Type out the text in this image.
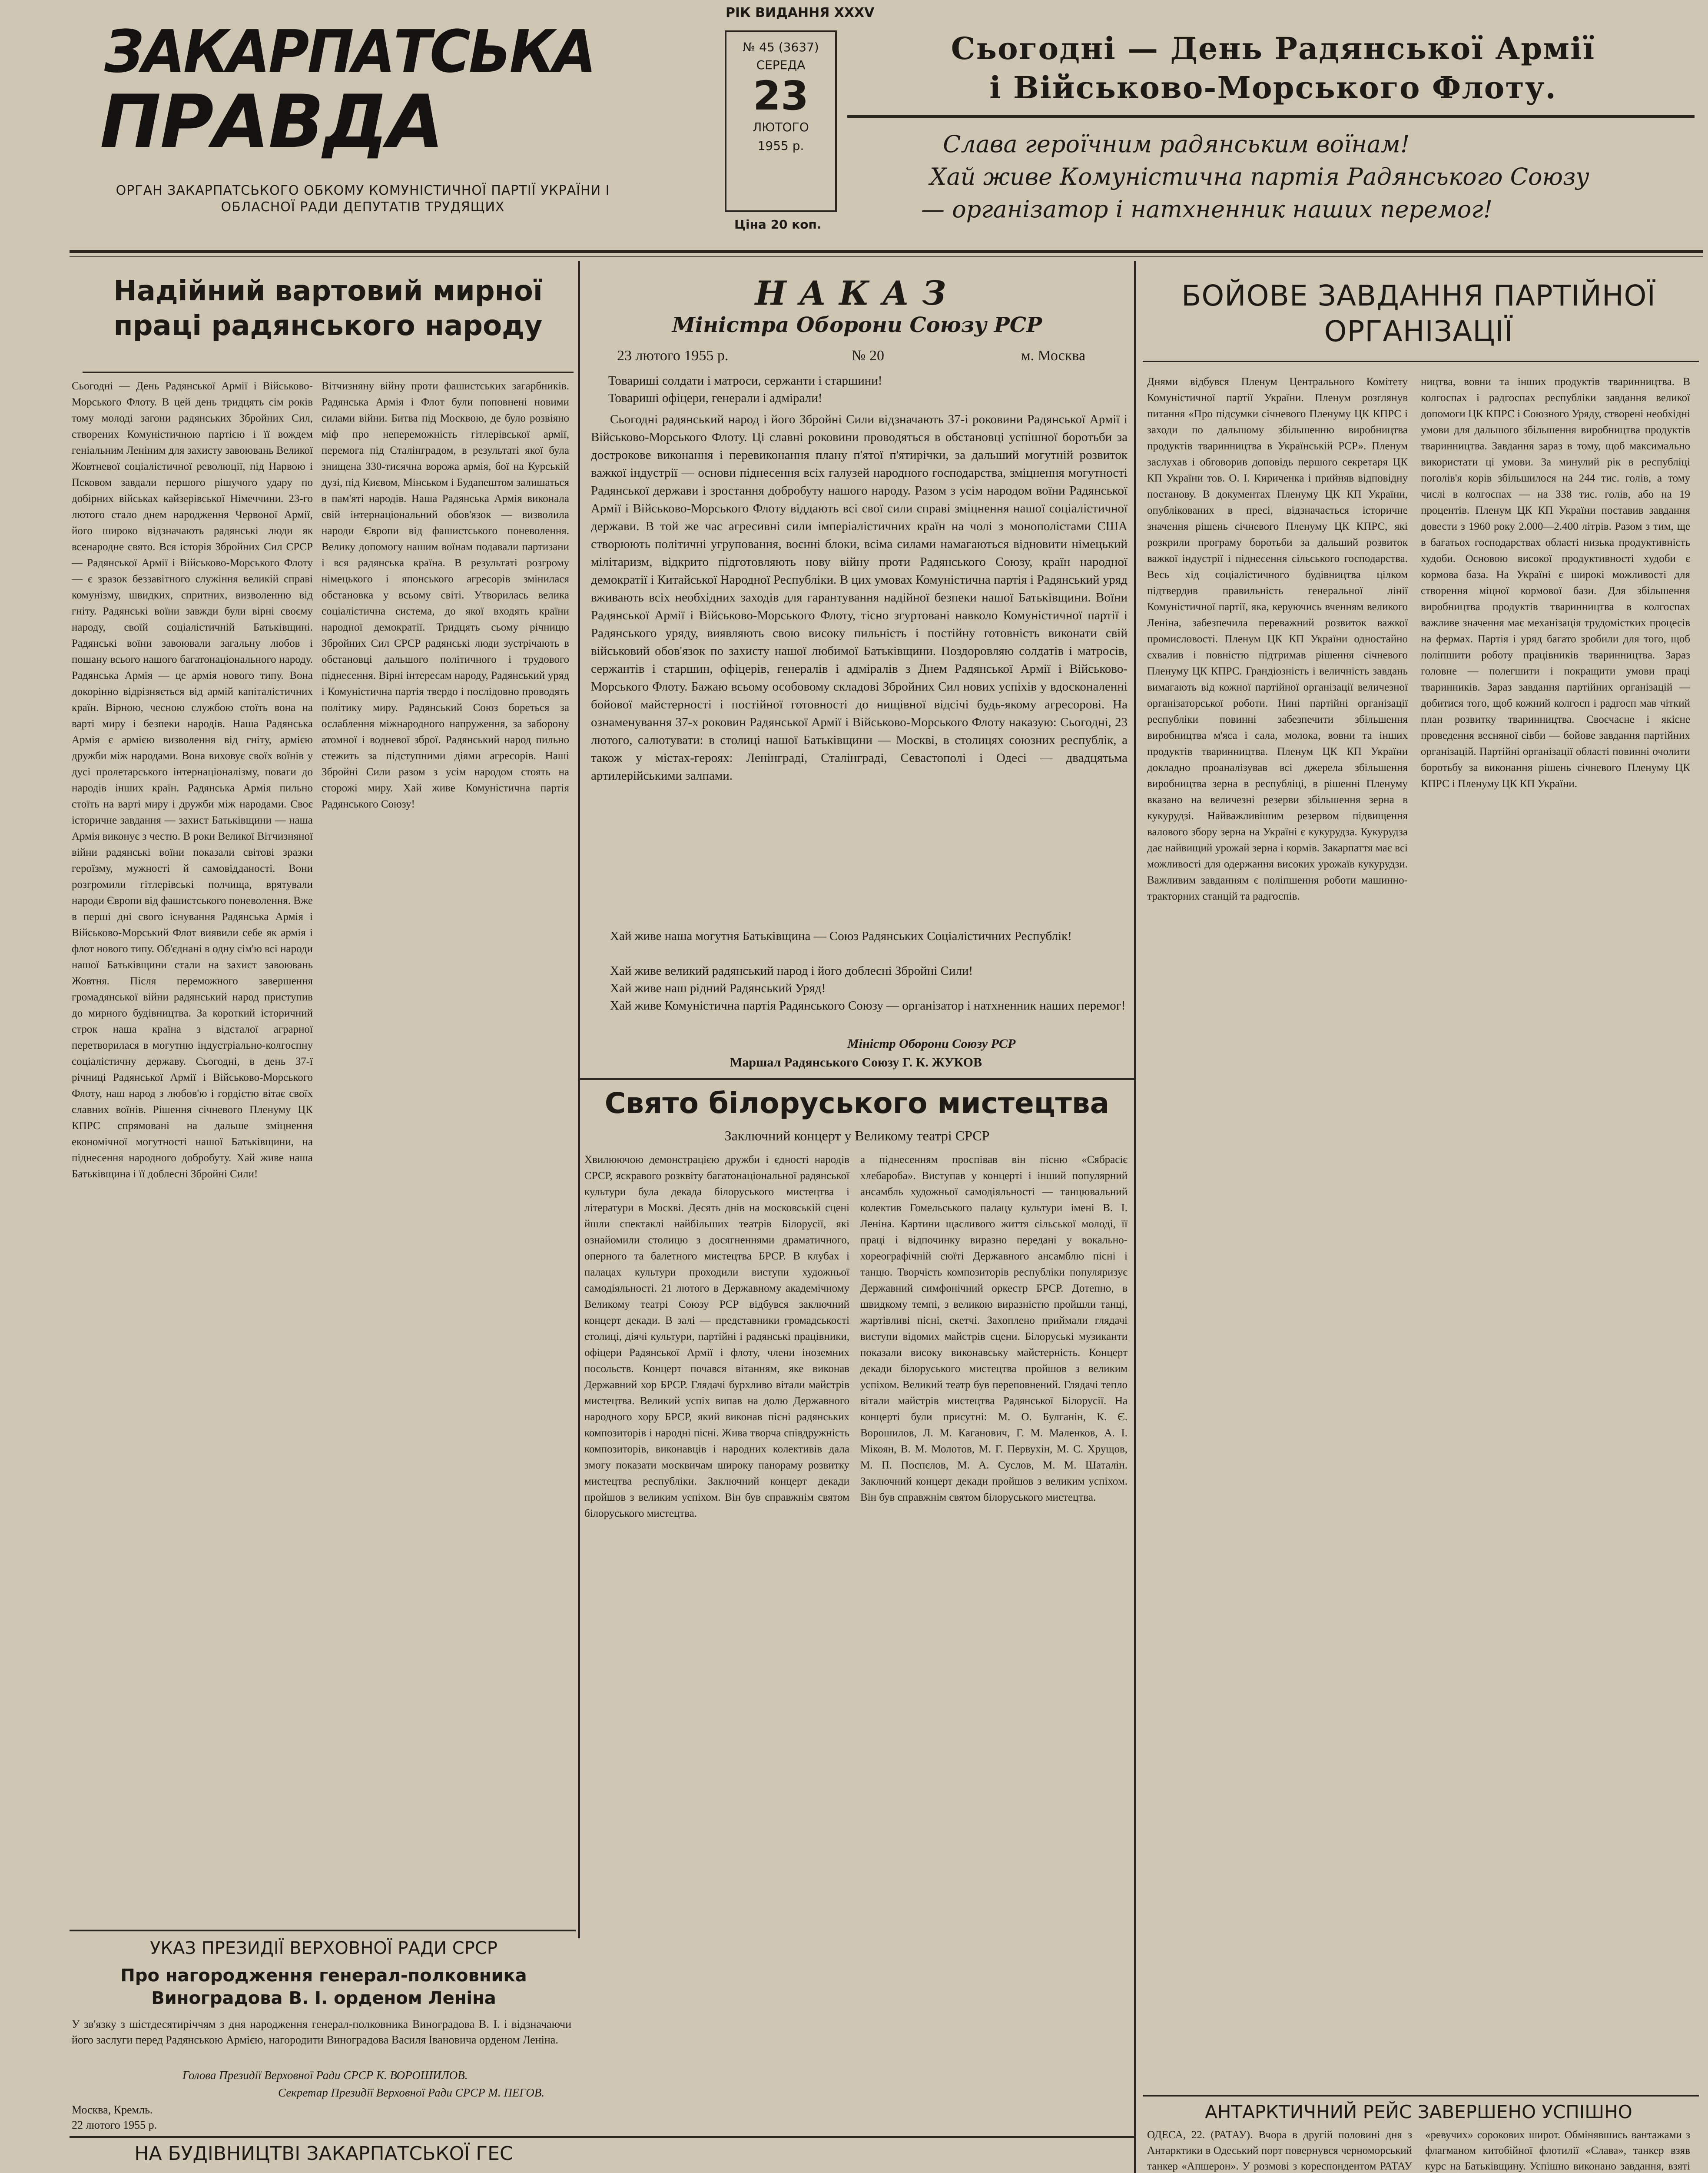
РІК ВИДАННЯ XXXV
ЗАКАРПАТСЬКА
ПРАВДА
ОРГАН ЗАКАРПАТСЬКОГО ОБКОМУ КОМУНІСТИЧНОЇ ПАРТІЇ УКРАЇНИ І ОБЛАСНОЇ РАДИ ДЕПУТАТІВ ТРУДЯЩИХ
№ 45 (3637)
СЕРЕДА
23
ЛЮТОГО
1955 р.
Ціна 20 коп.
Сьогодні — День Радянської Армії
і Військово-Морського Флоту.
Слава героїчним радянським воїнам!
Хай живе Комуністична партія Радянського Союзу
— організатор і натхненник наших перемог!
Надійний вартовий мирної праці радянського народу
Сьогодні — День Радянської Армії і Військово-Морського Флоту. В цей день тридцять сім років тому молоді загони радянських Збройних Сил, створених Комуністичною партією і її вождем геніальним Леніним для захисту завоювань Великої Жовтневої соціалістичної революції, під Нарвою і Псковом завдали першого рішучого удару по добірних військах кайзерівської Німеччини. 23-го лютого стало днем народження Червоної Армії, його широко відзначають радянські люди як всенародне свято. Вся історія Збройних Сил СРСР — Радянської Армії і Військово-Морського Флоту — є зразок беззавітного служіння великій справі комунізму, швидких, спритних, визволенню від гніту. Радянські воїни завжди були вірні своєму народу, своїй соціалістичній Батьківщині. Радянські воїни завоювали загальну любов і пошану всього нашого багатонаціонального народу. Радянська Армія — це армія нового типу. Вона докорінно відрізняється від армій капіталістичних країн. Вірною, чесною службою стоїть вона на варті миру і безпеки народів. Наша Радянська Армія є армією визволення від гніту, армією дружби між народами. Вона виховує своїх воїнів у дусі пролетарського інтернаціоналізму, поваги до народів інших країн. Радянська Армія пильно стоїть на варті миру і дружби між народами. Своє історичне завдання — захист Батьківщини — наша Армія виконує з честю. В роки Великої Вітчизняної війни радянські воїни показали світові зразки героїзму, мужності й самовідданості. Вони розгромили гітлерівські полчища, врятували народи Європи від фашистського поневолення. Вже в перші дні свого існування Радянська Армія і Військово-Морський Флот виявили себе як армія і флот нового типу. Об'єднані в одну сім'ю всі народи нашої Батьківщини стали на захист завоювань Жовтня. Після переможного завершення громадянської війни радянський народ приступив до мирного будівництва. За короткий історичний строк наша країна з відсталої аграрної перетворилася в могутню індустріально-колгоспну соціалістичну державу. Сьогодні, в день 37-ї річниці Радянської Армії і Військово-Морського Флоту, наш народ з любов'ю і гордістю вітає своїх славних воїнів. Рішення січневого Пленуму ЦК КПРС спрямовані на дальше зміцнення економічної могутності нашої Батьківщини, на піднесення народного добробуту. Хай живе наша Батьківщина і її доблесні Збройні Сили!
Вітчизняну війну проти фашистських загарбників. Радянська Армія і Флот були поповнені новими силами війни. Битва під Москвою, де було розвіяно міф про непереможність гітлерівської армії, перемога під Сталінградом, в результаті якої була знищена 330-тисячна ворожа армія, бої на Курській дузі, під Києвом, Мінськом і Будапештом залишаться в пам'яті народів. Наша Радянська Армія виконала свій інтернаціональний обов'язок — визволила народи Європи від фашистського поневолення. Велику допомогу нашим воїнам подавали партизани і вся радянська країна. В результаті розгрому німецького і японського агресорів змінилася обстановка у всьому світі. Утворилась велика соціалістична система, до якої входять країни народної демократії. Тридцять сьому річницю Збройних Сил СРСР радянські люди зустрічають в обстановці дальшого політичного і трудового піднесення. Вірні інтересам народу, Радянський уряд і Комуністична партія твердо і послідовно проводять політику миру. Радянський Союз бореться за ослаблення міжнародного напруження, за заборону атомної і водневої зброї. Радянський народ пильно стежить за підступними діями агресорів. Наші Збройні Сили разом з усім народом стоять на сторожі миру. Хай живе Комуністична партія Радянського Союзу!
УКАЗ ПРЕЗИДІЇ ВЕРХОВНОЇ РАДИ СРСР
Про нагородження генерал-полковника Виноградова В. І. орденом Леніна
У зв'язку з шістдесятиріччям з дня народження генерал-полковника Виноградова В. І. і відзначаючи його заслуги перед Радянською Армією, нагородити Виноградова Василя Івановича орденом Леніна.
Голова Президії Верховної Ради СРСР К. ВОРОШИЛОВ.
Секретар Президії Верховної Ради СРСР М. ПЕГОВ.
Москва, Кремль.
22 лютого 1955 р.
НА БУДІВНИЦТВІ ЗАКАРПАТСЬКОЇ ГЕС
НАКАЗ
Міністра Оборони Союзу РСР
23 лютого 1955 р.	№ 20	м. Москва
Товариші солдати і матроси, сержанти і старшини!
Товариші офіцери, генерали і адмірали!
Сьогодні радянський народ і його Збройні Сили відзначають 37-і роковини Радянської Армії і Військово-Морського Флоту. Ці славні роковини проводяться в обстановці успішної боротьби за дострокове виконання і перевиконання плану п'ятої п'ятирічки, за дальший могутній розвиток важкої індустрії — основи піднесення всіх галузей народного господарства, зміцнення могутності Радянської держави і зростання добробуту нашого народу. Разом з усім народом воїни Радянської Армії і Військово-Морського Флоту віддають всі свої сили справі зміцнення нашої соціалістичної держави. В той же час агресивні сили імперіалістичних країн на чолі з монополістами США створюють політичні угруповання, воєнні блоки, всіма силами намагаються відновити німецький мілітаризм, відкрито підготовляють нову війну проти Радянського Союзу, країн народної демократії і Китайської Народної Республіки. В цих умовах Комуністична партія і Радянський уряд вживають всіх необхідних заходів для гарантування надійної безпеки нашої Батьківщини. Воїни Радянської Армії і Військово-Морського Флоту, тісно згуртовані навколо Комуністичної партії і Радянського уряду, виявляють свою високу пильність і постійну готовність виконати свій військовий обов'язок по захисту нашої любимої Батьківщини. Поздоровляю солдатів і матросів, сержантів і старшин, офіцерів, генералів і адміралів з Днем Радянської Армії і Військово-Морського Флоту. Бажаю всьому особовому складові Збройних Сил нових успіхів у вдосконаленні бойової майстерності і постійної готовності до нищівної відсічі будь-якому агресорові. На ознаменування 37-х роковин Радянської Армії і Військово-Морського Флоту наказую: Сьогодні, 23 лютого, салютувати: в столиці нашої Батьківщини — Москві, в столицях союзних республік, а також у містах-героях: Ленінграді, Сталінграді, Севастополі і Одесі — двадцятьма артилерійськими залпами.
Хай живе наша могутня Батьківщина — Союз Радянських Соціалістичних Республік!
Хай живе великий радянський народ і його доблесні Збройні Сили!
Хай живе наш рідний Радянський Уряд!
Хай живе Комуністична партія Радянського Союзу — організатор і натхненник наших перемог!
Міністр Оборони Союзу РСР
Маршал Радянського Союзу Г. К. ЖУКОВ
Свято білоруського мистецтва
Заключний концерт у Великому театрі СРСР
Хвилюючою демонстрацією дружби і єдності народів СРСР, яскравого розквіту багатонаціональної радянської культури була декада білоруського мистецтва і літератури в Москві. Десять днів на московській сцені йшли спектаклі найбільших театрів Білорусії, які ознайомили столицю з досягненнями драматичного, оперного та балетного мистецтва БРСР. В клубах і палацах культури проходили виступи художньої самодіяльності. 21 лютого в Державному академічному Великому театрі Союзу РСР відбувся заключний концерт декади. В залі — представники громадськості столиці, діячі культури, партійні і радянські працівники, офіцери Радянської Армії і флоту, члени іноземних посольств. Концерт почався вітанням, яке виконав Державний хор БРСР. Глядачі бурхливо вітали майстрів мистецтва. Великий успіх випав на долю Державного народного хору БРСР, який виконав пісні радянських композиторів і народні пісні. Жива творча співдружність композиторів, виконавців і народних колективів дала змогу показати москвичам широку панораму розвитку мистецтва республіки. Заключний концерт декади пройшов з великим успіхом. Він був справжнім святом білоруського мистецтва.
а піднесенням проспівав він пісню «Сябрасіє хлебароба». Виступав у концерті і інший популярний ансамбль художньої самодіяльності — танцювальний колектив Гомельського палацу культури імені В. І. Леніна. Картини щасливого життя сільської молоді, її праці і відпочинку виразно передані у вокально-хореографічній сюїті Державного ансамблю пісні і танцю. Творчість композиторів республіки популяризує Державний симфонічний оркестр БРСР. Дотепно, в швидкому темпі, з великою виразністю пройшли танці, жартівливі пісні, скетчі. Захоплено приймали глядачі виступи відомих майстрів сцени. Білоруські музиканти показали високу виконавську майстерність. Концерт декади білоруського мистецтва пройшов з великим успіхом. Великий театр був переповнений. Глядачі тепло вітали майстрів мистецтва Радянської Білорусії. На концерті були присутні: М. О. Булганін, К. Є. Ворошилов, Л. М. Каганович, Г. М. Маленков, А. І. Мікоян, В. М. Молотов, М. Г. Первухін, М. С. Хрущов, М. П. Поспєлов, М. А. Суслов, М. М. Шаталін. Заключний концерт декади пройшов з великим успіхом. Він був справжнім святом білоруського мистецтва.
БОЙОВЕ ЗАВДАННЯ ПАРТІЙНОЇ ОРГАНІЗАЦІЇ
Днями відбувся Пленум Центрального Комітету Комуністичної партії України. Пленум розглянув питання «Про підсумки січневого Пленуму ЦК КПРС і заходи по дальшому збільшенню виробництва продуктів тваринництва в Українській РСР». Пленум заслухав і обговорив доповідь першого секретаря ЦК КП України тов. О. І. Кириченка і прийняв відповідну постанову. В документах Пленуму ЦК КП України, опублікованих в пресі, відзначається історичне значення рішень січневого Пленуму ЦК КПРС, які розкрили програму боротьби за дальший розвиток важкої індустрії і піднесення сільського господарства. Весь хід соціалістичного будівництва цілком підтвердив правильність генеральної лінії Комуністичної партії, яка, керуючись вченням великого Леніна, забезпечила переважний розвиток важкої промисловості. Пленум ЦК КП України одностайно схвалив і повністю підтримав рішення січневого Пленуму ЦК КПРС. Грандіозність і величність завдань вимагають від кожної партійної організації величезної організаторської роботи. Нині партійні організації республіки повинні забезпечити збільшення виробництва м'яса і сала, молока, вовни та інших продуктів тваринництва. Пленум ЦК КП України докладно проаналізував всі джерела збільшення виробництва зерна в республіці, в рішенні Пленуму вказано на величезні резерви збільшення зерна в кукурудзі. Найважливішим резервом підвищення валового збору зерна на Україні є кукурудза. Кукурудза дає найвищий урожай зерна і кормів. Закарпаття має всі можливості для одержання високих урожаїв кукурудзи. Важливим завданням є поліпшення роботи машинно-тракторних станцій та радгоспів.
ництва, вовни та інших продуктів тваринництва. В колгоспах і радгоспах республіки завдання великої допомоги ЦК КПРС і Союзного Уряду, створені необхідні умови для дальшого збільшення виробництва продуктів тваринництва. Завдання зараз в тому, щоб максимально використати ці умови. За минулий рік в республіці поголів'я корів збільшилося на 244 тис. голів, а тому числі в колгоспах — на 338 тис. голів, або на 19 процентів. Пленум ЦК КП України поставив завдання довести з 1960 року 2.000—2.400 літрів. Разом з тим, ще в багатьох господарствах області низька продуктивність худоби. Основою високої продуктивності худоби є кормова база. На Україні є широкі можливості для створення міцної кормової бази. Для збільшення виробництва продуктів тваринництва в колгоспах важливе значення має механізація трудомістких процесів на фермах. Партія і уряд багато зробили для того, щоб поліпшити роботу працівників тваринництва. Зараз головне — полегшити і покращити умови праці тваринників. Зараз завдання партійних організацій — добитися того, щоб кожний колгосп і радгосп мав чіткий план розвитку тваринництва. Своєчасне і якісне проведення весняної сівби — бойове завдання партійних організацій. Партійні організації області повинні очолити боротьбу за виконання рішень січневого Пленуму ЦК КПРС і Пленуму ЦК КП України.
АНТАРКТИЧНИЙ РЕЙС ЗАВЕРШЕНО УСПІШНО
ОДЕСА, 22. (РАТАУ). Вчора в другій половині дня з Антарктики в Одеський порт повернувся черноморський танкер «Апшерон». У розмові з кореспондентом РАТАУ «ревучих» сорокових широт. Обмінявшись вантажами з флагманом китобійної флотилії «Слава», танкер взяв курс на Батьківщину. Успішно виконано завдання, взяті
